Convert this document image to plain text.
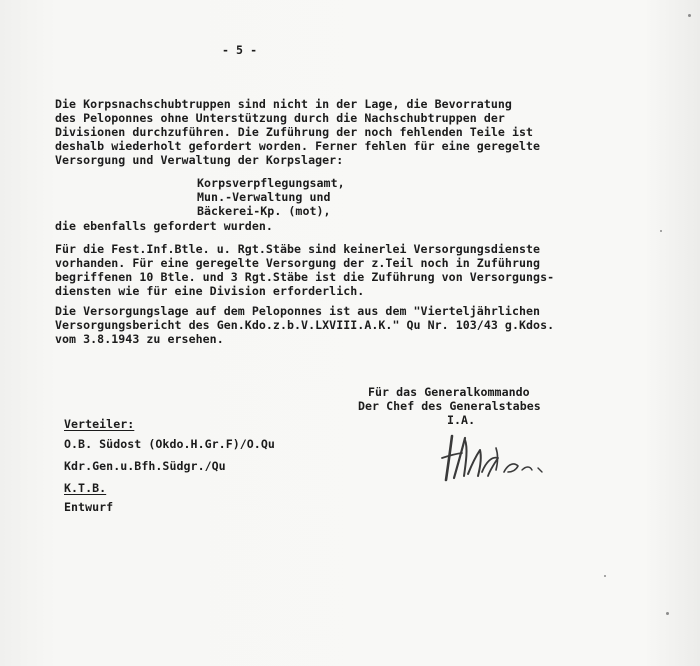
- 5 -
Die Korpsnachschubtruppen sind nicht in der Lage, die Bevorratung
des Peloponnes ohne Unterstützung durch die Nachschubtruppen der
Divisionen durchzuführen. Die Zuführung der noch fehlenden Teile ist
deshalb wiederholt gefordert worden. Ferner fehlen für eine geregelte
Versorgung und Verwaltung der Korpslager:
Korpsverpflegungsamt,
Mun.-Verwaltung und
Bäckerei-Kp. (mot),
die ebenfalls gefordert wurden.
Für die Fest.Inf.Btle. u. Rgt.Stäbe sind keinerlei Versorgungsdienste
vorhanden. Für eine geregelte Versorgung der z.Teil noch in Zuführung
begriffenen 10 Btle. und 3 Rgt.Stäbe ist die Zuführung von Versorgungs-
diensten wie für eine Division erforderlich.
Die Versorgungslage auf dem Peloponnes ist aus dem "Vierteljährlichen
Versorgungsbericht des Gen.Kdo.z.b.V.LXVIII.A.K." Qu Nr. 103/43 g.Kdos.
vom 3.8.1943 zu ersehen.
Für das Generalkommando
Der Chef des Generalstabes
I.A.
Verteiler:
O.B. Südost (Okdo.H.Gr.F)/O.Qu
Kdr.Gen.u.Bfh.Südgr./Qu
K.T.B.
Entwurf
